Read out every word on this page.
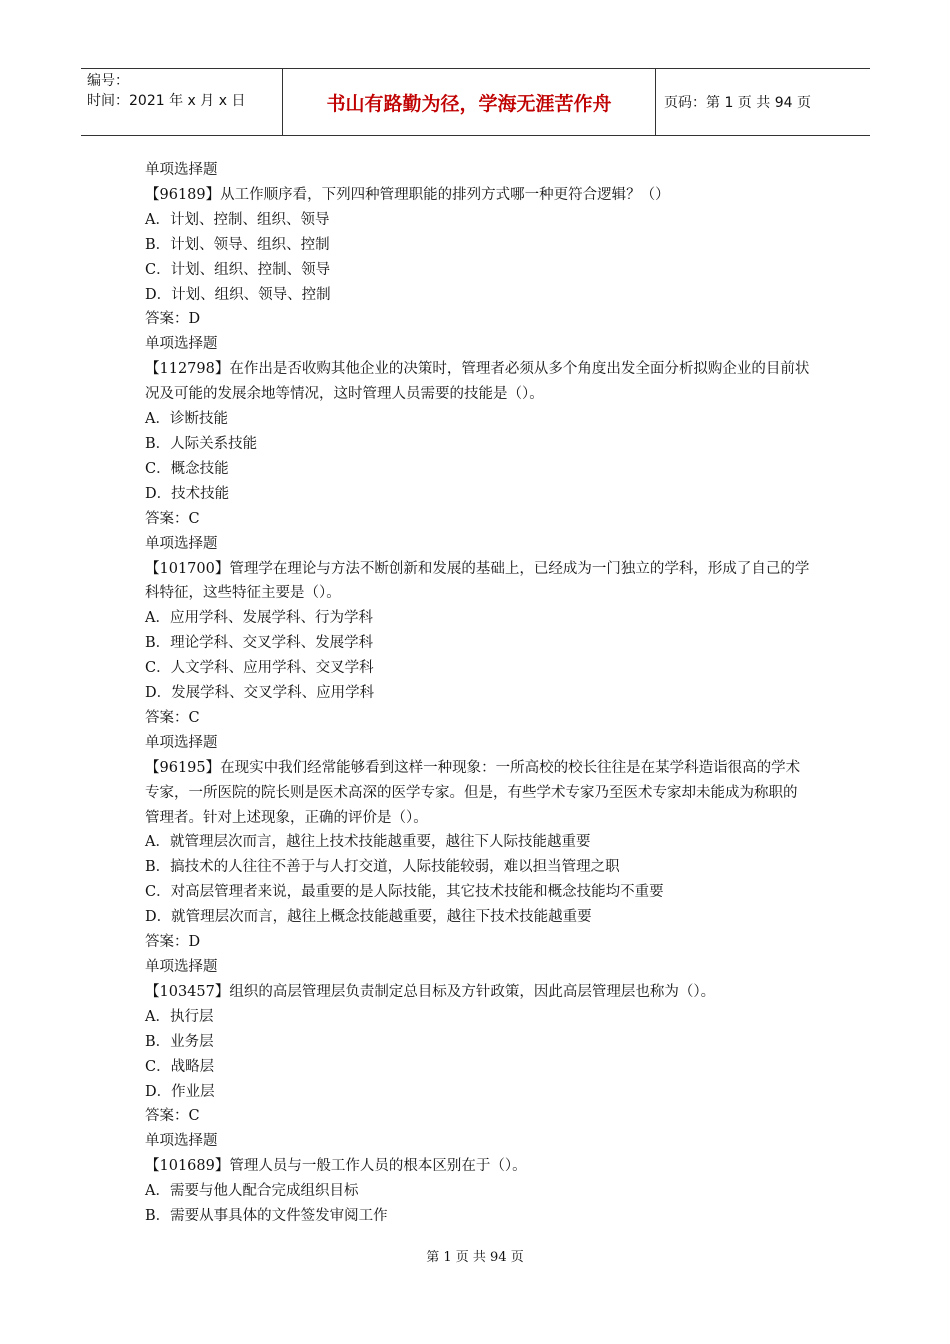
编号：
时间：2021 年 x 月 x 日	书山有路勤为径，学海无涯苦作舟	页码：第 1 页 共 94 页

单项选择题

【96189】从工作顺序看，下列四种管理职能的排列方式哪一种更符合逻辑？（）

A．计划、控制、组织、领导

B．计划、领导、组织、控制

C．计划、组织、控制、领导

D．计划、组织、领导、控制

答案：D

单项选择题

【112798】在作出是否收购其他企业的决策时，管理者必须从多个角度出发全面分析拟购企业的目前状况及可能的发展余地等情况，这时管理人员需要的技能是（）。

A．诊断技能

B．人际关系技能

C．概念技能

D．技术技能

答案：C

单项选择题

【101700】管理学在理论与方法不断创新和发展的基础上，已经成为一门独立的学科，形成了自己的学科特征，这些特征主要是（）。

A．应用学科、发展学科、行为学科

B．理论学科、交叉学科、发展学科

C．人文学科、应用学科、交叉学科

D．发展学科、交叉学科、应用学科

答案：C

单项选择题

【96195】在现实中我们经常能够看到这样一种现象：一所高校的校长往往是在某学科造诣很高的学术专家，一所医院的院长则是医术高深的医学专家。但是，有些学术专家乃至医术专家却未能成为称职的管理者。针对上述现象，正确的评价是（）。

A．就管理层次而言，越往上技术技能越重要，越往下人际技能越重要

B．搞技术的人往往不善于与人打交道，人际技能较弱，难以担当管理之职

C．对高层管理者来说，最重要的是人际技能，其它技术技能和概念技能均不重要

D．就管理层次而言，越往上概念技能越重要，越往下技术技能越重要

答案：D

单项选择题

【103457】组织的高层管理层负责制定总目标及方针政策，因此高层管理层也称为（）。

A．执行层

B．业务层

C．战略层

D．作业层

答案：C

单项选择题

【101689】管理人员与一般工作人员的根本区别在于（）。

A．需要与他人配合完成组织目标

B．需要从事具体的文件签发审阅工作

第 1 页 共 94 页
